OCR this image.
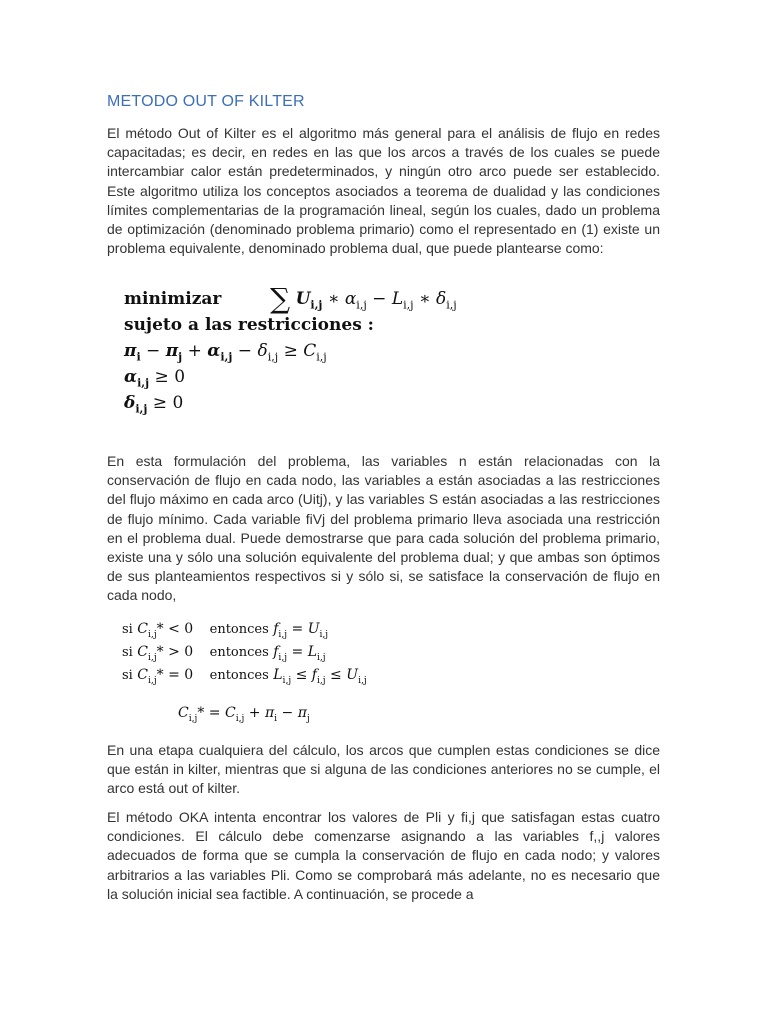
METODO OUT OF KILTER
El método Out of Kilter es el algoritmo más general para el análisis de flujo en redes capacitadas; es decir, en redes en las que los arcos a través de los cuales se puede intercambiar calor están predeterminados, y ningún otro arco puede ser establecido. Este algoritmo utiliza los conceptos asociados a teorema de dualidad y las condiciones límites complementarias de la programación lineal, según los cuales, dado un problema de optimización (denominado problema primario) como el representado en (1) existe un problema equivalente, denominado problema dual, que puede plantearse como:
minimizar ∑ $U_{i,j}$ ∗ $\alpha_{i,j} - L_{i,j}$ ∗ $\delta_{i,j}$
sujeto a las restricciones :
$\pi_i - \pi_j + \alpha_{i,j} - \delta_{i,j} \ge C_{i,j}$
$\alpha_{i,j} \ge 0$
$\delta_{i,j} \ge 0$
En esta formulación del problema, las variables n están relacionadas con la conservación de flujo en cada nodo, las variables a están asociadas a las restricciones del flujo máximo en cada arco (Uitj), y las variables S están asociadas a las restricciones de flujo mínimo. Cada variable fiVj del problema primario lleva asociada una restricción en el problema dual. Puede demostrarse que para cada solución del problema primario, existe una y sólo una solución equivalente del problema dual; y que ambas son óptimos de sus planteamientos respectivos si y sólo si, se satisface la conservación de flujo en cada nodo,
si $C_{i,j}* < 0$ entonces $f_{i,j} = U_{i,j}$
si $C_{i,j}* > 0$ entonces $f_{i,j} = L_{i,j}$
si $C_{i,j}* = 0$ entonces $L_{i,j} \le f_{i,j} \le U_{i,j}$
$C_{i,j}* = C_{i,j} + \pi_i - \pi_j$
En una etapa cualquiera del cálculo, los arcos que cumplen estas condiciones se dice que están in kilter, mientras que si alguna de las condiciones anteriores no se cumple, el arco está out of kilter.
El método OKA intenta encontrar los valores de Pli y fi,j que satisfagan estas cuatro condiciones. El cálculo debe comenzarse asignando a las variables f,,j valores adecuados de forma que se cumpla la conservación de flujo en cada nodo; y valores arbitrarios a las variables Pli. Como se comprobará más adelante, no es necesario que la solución inicial sea factible. A continuación, se procede a
